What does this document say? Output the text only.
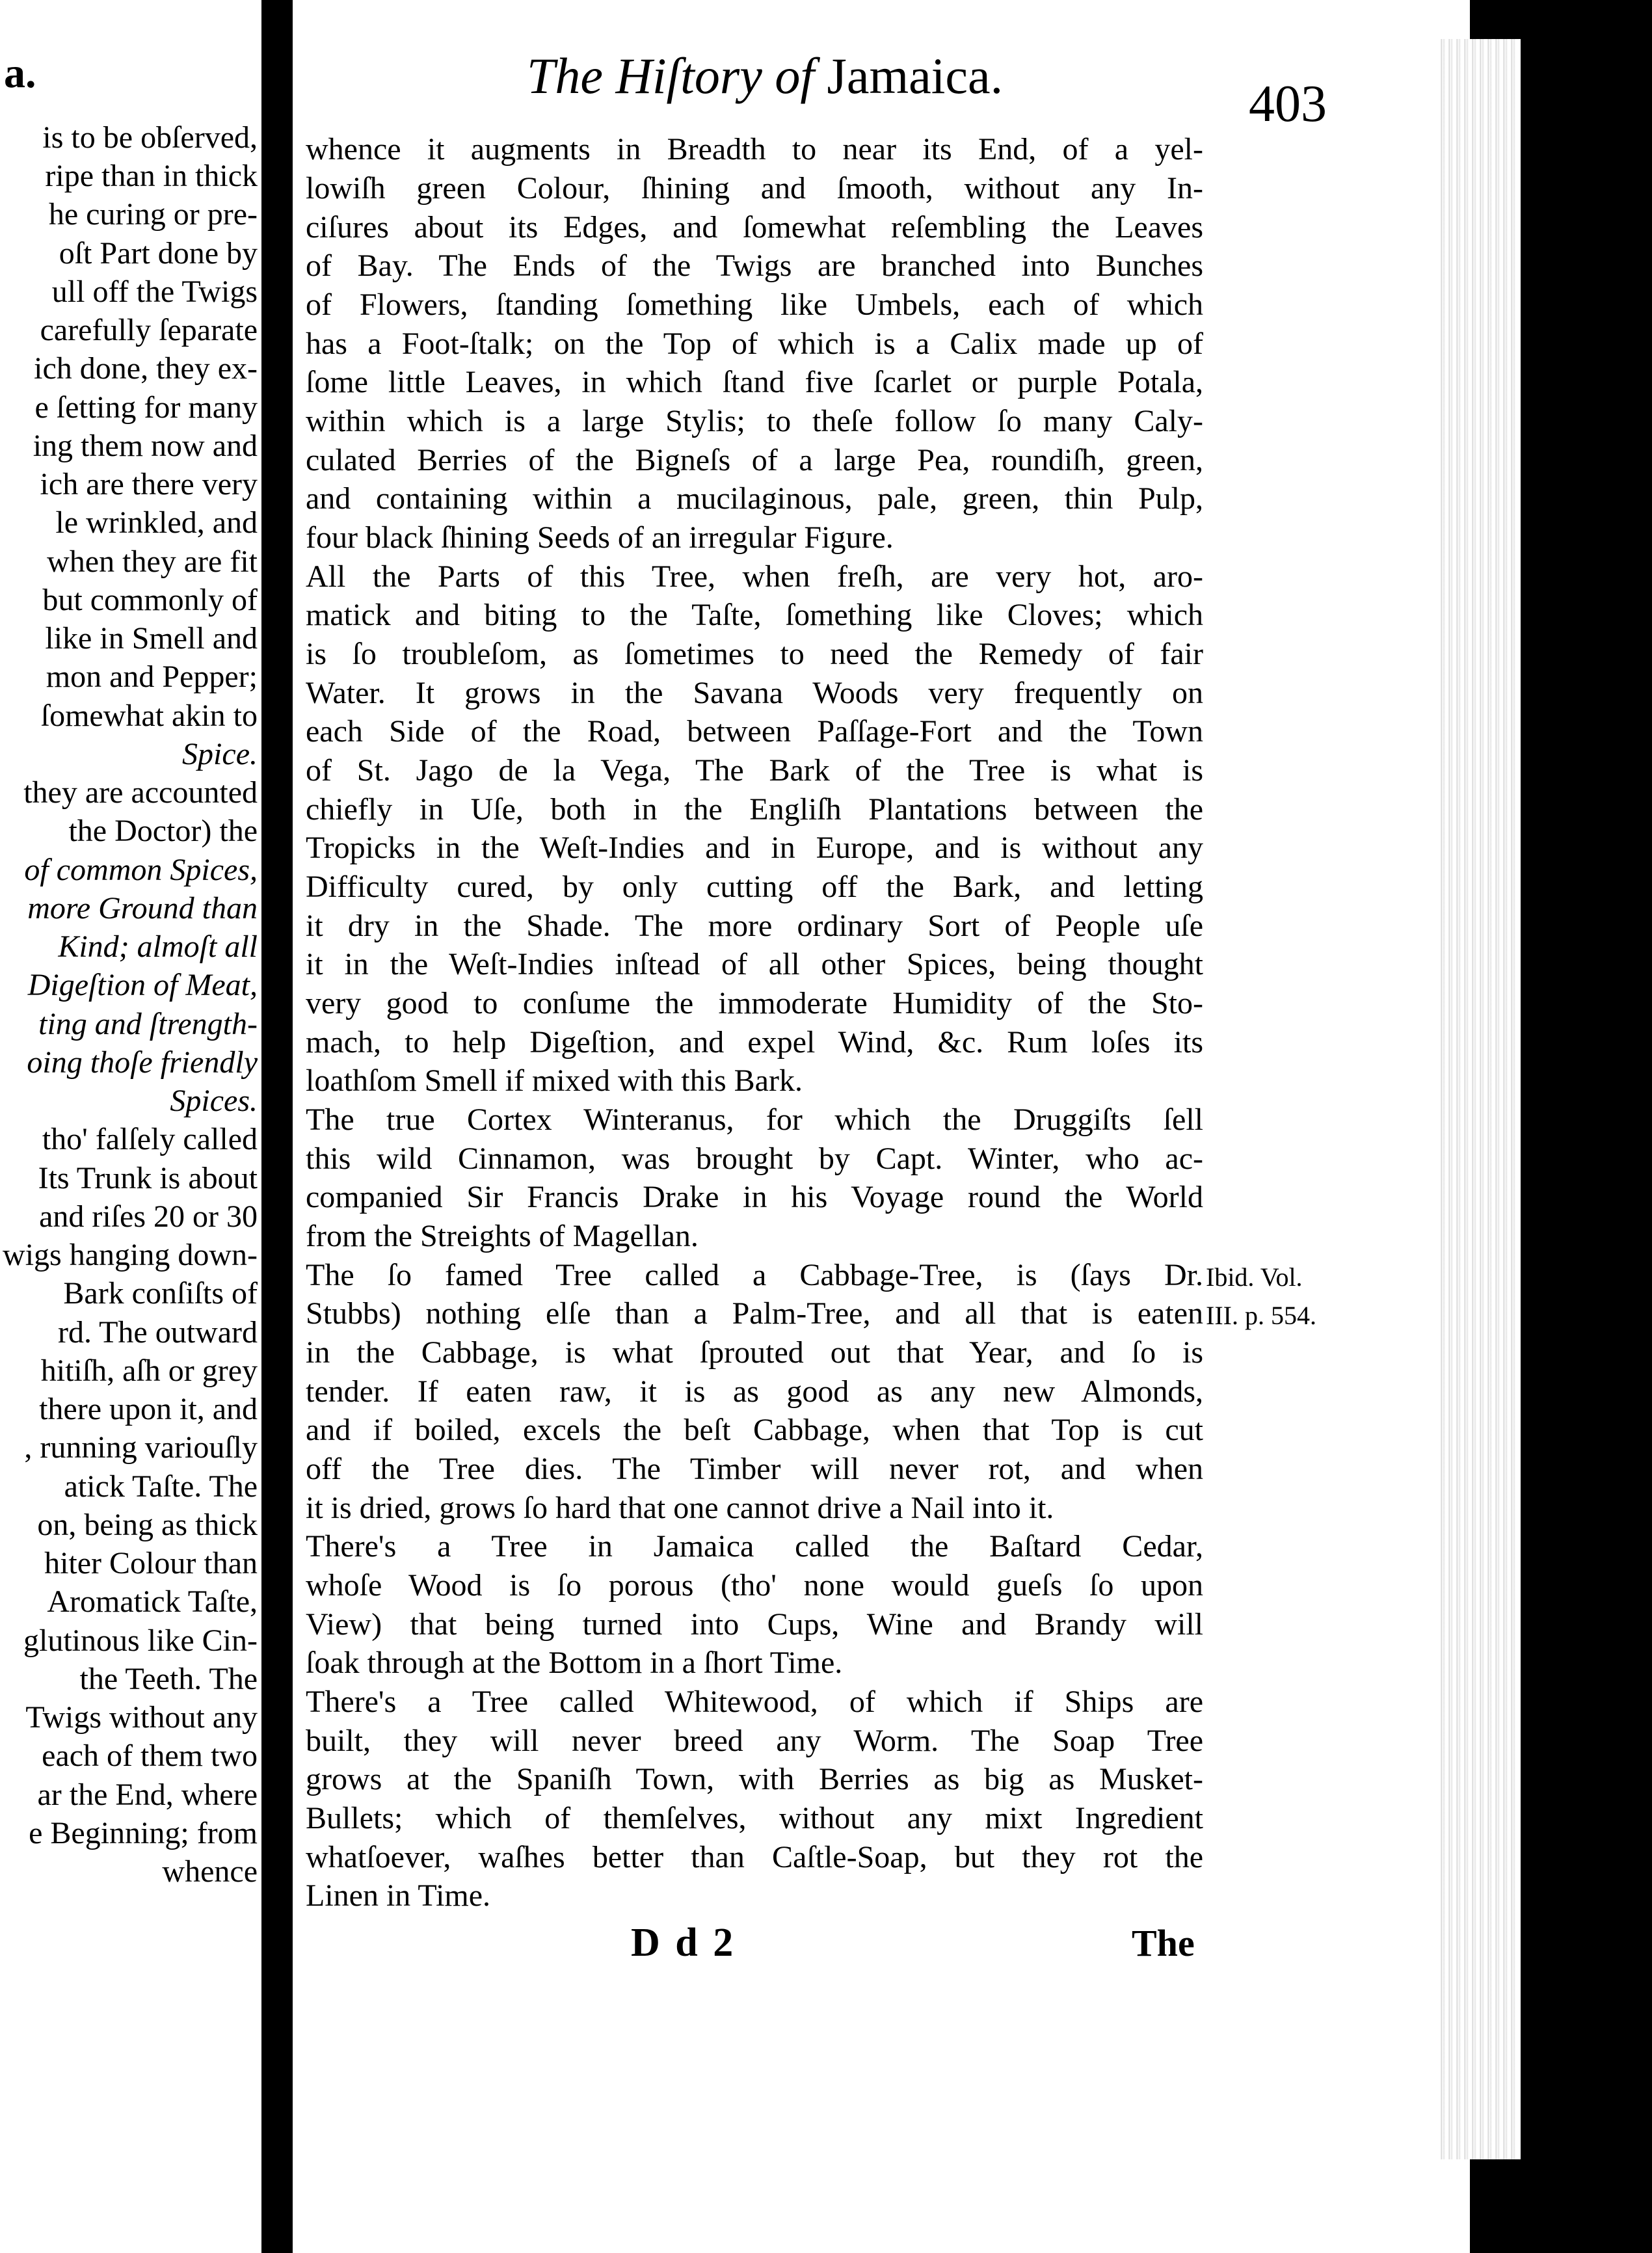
a.
is to be obſerved,
ripe than in thick
he curing or pre-
oſt Part done by
ull off the Twigs
carefully ſeparate
ich done, they ex-
e ſetting for many
ing them now and
ich are there very
le wrinkled, and
when they are fit
but commonly of
like in Smell and
mon and Pepper;
ſomewhat akin to
Spice.
they are accounted
the Doctor) the
of common Spices,
more Ground than
Kind; almoſt all
Digeſtion of Meat,
ting and ſtrength-
oing thoſe friendly
Spices.
tho' falſely called
Its Trunk is about
and riſes 20 or 30
wigs hanging down-
Bark conſiſts of
rd. The outward
hitiſh, aſh or grey
there upon it, and
, running variouſly
atick Taſte. The
on, being as thick
hiter Colour than
Aromatick Taſte,
glutinous like Cin-
the Teeth. The
Twigs without any
each of them two
ar the End, where
e Beginning; from
whence
The Hiſtory of Jamaica.	403
whence it augments in Breadth to near its End, of a yel-
lowiſh green Colour, ſhining and ſmooth, without any In-
ciſures about its Edges, and ſomewhat reſembling the Leaves
of Bay. The Ends of the Twigs are branched into Bunches
of Flowers, ſtanding ſomething like Umbels, each of which
has a Foot-ſtalk; on the Top of which is a Calix made up of
ſome little Leaves, in which ſtand five ſcarlet or purple Potala,
within which is a large Stylis; to theſe follow ſo many Caly-
culated Berries of the Bigneſs of a large Pea, roundiſh, green,
and containing within a mucilaginous, pale, green, thin Pulp,
four black ſhining Seeds of an irregular Figure.
All the Parts of this Tree, when freſh, are very hot, aro-
matick and biting to the Taſte, ſomething like Cloves; which
is ſo troubleſom, as ſometimes to need the Remedy of fair
Water. It grows in the Savana Woods very frequently on
each Side of the Road, between Paſſage-Fort and the Town
of St. Jago de la Vega, The Bark of the Tree is what is
chiefly in Uſe, both in the Engliſh Plantations between the
Tropicks in the Weſt-Indies and in Europe, and is without any
Difficulty cured, by only cutting off the Bark, and letting
it dry in the Shade. The more ordinary Sort of People uſe
it in the Weſt-Indies inſtead of all other Spices, being thought
very good to conſume the immoderate Humidity of the Sto-
mach, to help Digeſtion, and expel Wind, &c. Rum loſes its
loathſom Smell if mixed with this Bark.
The true Cortex Winteranus, for which the Druggiſts ſell
this wild Cinnamon, was brought by Capt. Winter, who ac-
companied Sir Francis Drake in his Voyage round the World
from the Streights of Magellan.
The ſo famed Tree called a Cabbage-Tree, is (ſays Dr.
Stubbs) nothing elſe than a Palm-Tree, and all that is eaten
in the Cabbage, is what ſprouted out that Year, and ſo is
tender. If eaten raw, it is as good as any new Almonds,
and if boiled, excels the beſt Cabbage, when that Top is cut
off the Tree dies. The Timber will never rot, and when
it is dried, grows ſo hard that one cannot drive a Nail into it.
There's a Tree in Jamaica called the Baſtard Cedar,
whoſe Wood is ſo porous (tho' none would gueſs ſo upon
View) that being turned into Cups, Wine and Brandy will
ſoak through at the Bottom in a ſhort Time.
There's a Tree called Whitewood, of which if Ships are
built, they will never breed any Worm. The Soap Tree
grows at the Spaniſh Town, with Berries as big as Musket-
Bullets; which of themſelves, without any mixt Ingredient
whatſoever, waſhes better than Caſtle-Soap, but they rot the
Linen in Time.
Ibid. Vol.
III. p. 554.
D d 2	The
